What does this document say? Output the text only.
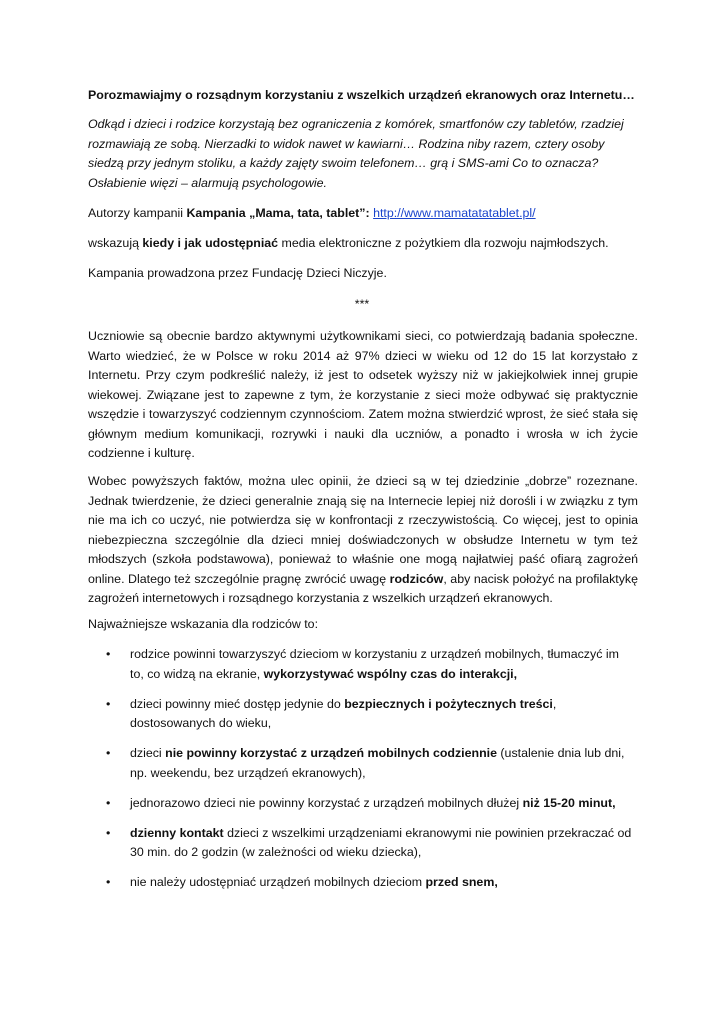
Porozmawiajmy o rozsądnym korzystaniu z wszelkich urządzeń ekranowych oraz Internetu…

Odkąd i dzieci i rodzice korzystają bez ograniczenia z komórek, smartfonów czy tabletów, rzadziej rozmawiają ze sobą. Nierzadki to widok nawet w kawiarni… Rodzina niby razem, cztery osoby siedzą przy jednym stoliku, a każdy zajęty swoim telefonem… grą i SMS-ami Co to oznacza? Osłabienie więzi – alarmują psychologowie.

Autorzy kampanii Kampania „Mama, tata, tablet”: http://www.mamatatatablet.pl/

wskazują kiedy i jak udostępniać media elektroniczne z pożytkiem dla rozwoju najmłodszych.

Kampania prowadzona przez Fundację Dzieci Niczyje.

***

Uczniowie są obecnie bardzo aktywnymi użytkownikami sieci, co potwierdzają badania społeczne. Warto wiedzieć, że w Polsce w roku 2014 aż 97% dzieci w wieku od 12 do 15 lat korzystało z Internetu. Przy czym podkreślić należy, iż jest to odsetek wyższy niż w jakiejkolwiek innej grupie wiekowej. Związane jest to zapewne z tym, że korzystanie z sieci może odbywać się praktycznie wszędzie i towarzyszyć codziennym czynnościom. Zatem można stwierdzić wprost, że sieć stała się głównym medium komunikacji, rozrywki i nauki dla uczniów, a ponadto i wrosła w ich życie codzienne i kulturę.

Wobec powyższych faktów, można ulec opinii, że dzieci są w tej dziedzinie „dobrze” rozeznane. Jednak twierdzenie, że dzieci generalnie znają się na Internecie lepiej niż dorośli i w związku z tym nie ma ich co uczyć, nie potwierdza się w konfrontacji z rzeczywistością. Co więcej, jest to opinia niebezpieczna szczególnie dla dzieci mniej doświadczonych w obsłudze Internetu w tym też młodszych (szkoła podstawowa), ponieważ to właśnie one mogą najłatwiej paść ofiarą zagrożeń online. Dlatego też szczególnie pragnę zwrócić uwagę rodziców, aby nacisk położyć na profilaktykę zagrożeń internetowych i rozsądnego korzystania z wszelkich urządzeń ekranowych.

Najważniejsze wskazania dla rodziców to:

• rodzice powinni towarzyszyć dzieciom w korzystaniu z urządzeń mobilnych, tłumaczyć im to, co widzą na ekranie, wykorzystywać wspólny czas do interakcji,
• dzieci powinny mieć dostęp jedynie do bezpiecznych i pożytecznych treści, dostosowanych do wieku,
• dzieci nie powinny korzystać z urządzeń mobilnych codziennie (ustalenie dnia lub dni, np. weekendu, bez urządzeń ekranowych),
• jednorazowo dzieci nie powinny korzystać z urządzeń mobilnych dłużej niż 15-20 minut,
• dzienny kontakt dzieci z wszelkimi urządzeniami ekranowymi nie powinien przekraczać od 30 min. do 2 godzin (w zależności od wieku dziecka),
• nie należy udostępniać urządzeń mobilnych dzieciom przed snem,
